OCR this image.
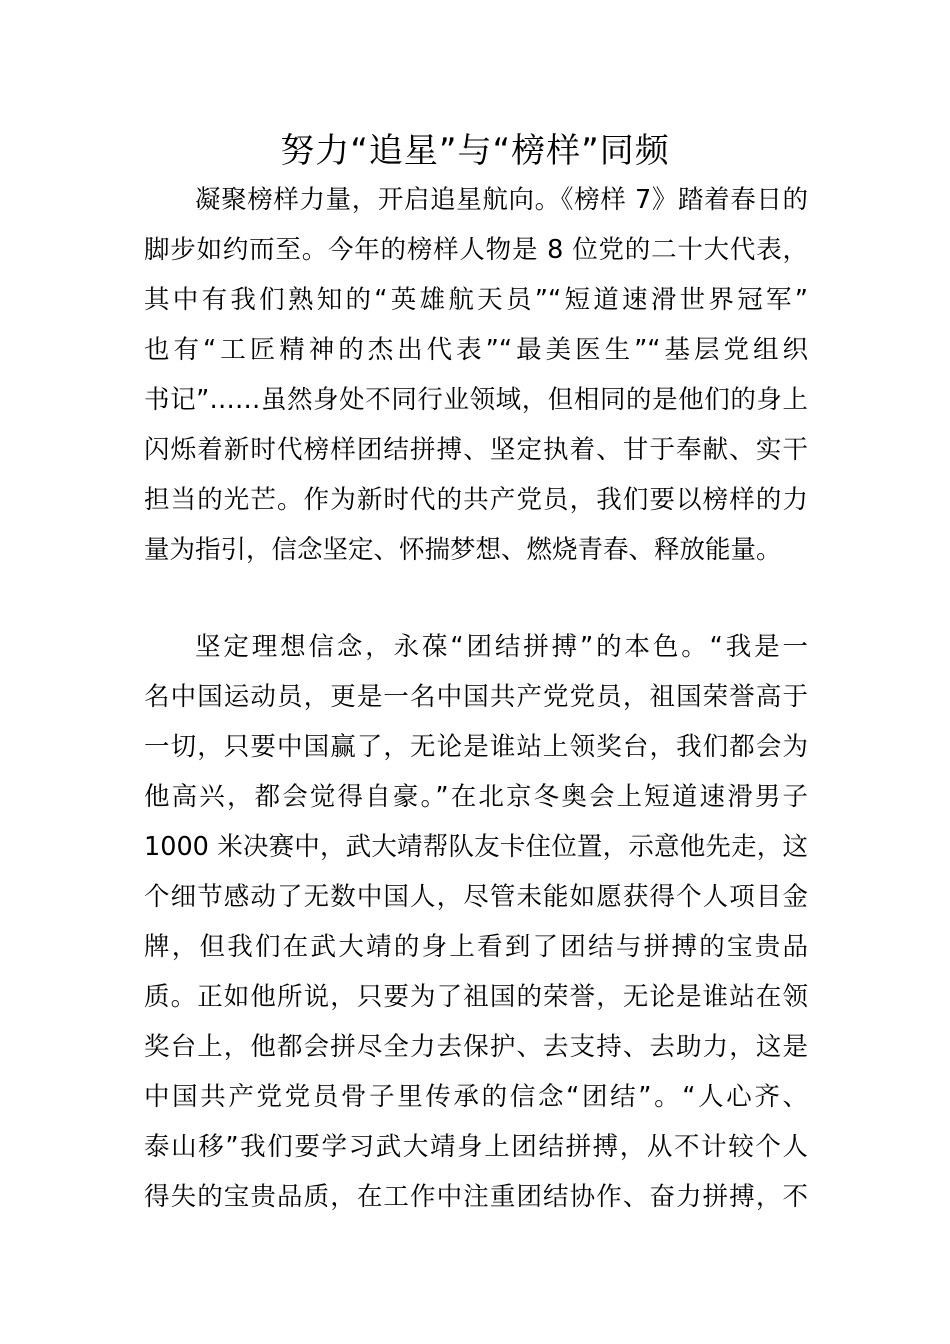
努力“追星”与“榜样”同频
凝聚榜样力量，开启追星航向。《榜样 7》踏着春日的
脚步如约而至。今年的榜样人物是 8 位党的二十大代表，
其中有我们熟知的“英雄航天员”“短道速滑世界冠军”
也有“工匠精神的杰出代表”“最美医生”“基层党组织
书记”……虽然身处不同行业领域，但相同的是他们的身上
闪烁着新时代榜样团结拼搏、坚定执着、甘于奉献、实干
担当的光芒。作为新时代的共产党员，我们要以榜样的力
量为指引，信念坚定、怀揣梦想、燃烧青春、释放能量。
坚定理想信念，永葆“团结拼搏”的本色。“我是一
名中国运动员，更是一名中国共产党党员，祖国荣誉高于
一切，只要中国赢了，无论是谁站上领奖台，我们都会为
他高兴，都会觉得自豪。”在北京冬奥会上短道速滑男子
1000 米决赛中，武大靖帮队友卡住位置，示意他先走，这
个细节感动了无数中国人，尽管未能如愿获得个人项目金
牌，但我们在武大靖的身上看到了团结与拼搏的宝贵品
质。正如他所说，只要为了祖国的荣誉，无论是谁站在领
奖台上，他都会拼尽全力去保护、去支持、去助力，这是
中国共产党党员骨子里传承的信念“团结”。“人心齐、
泰山移”我们要学习武大靖身上团结拼搏，从不计较个人
得失的宝贵品质，在工作中注重团结协作、奋力拼搏，不
